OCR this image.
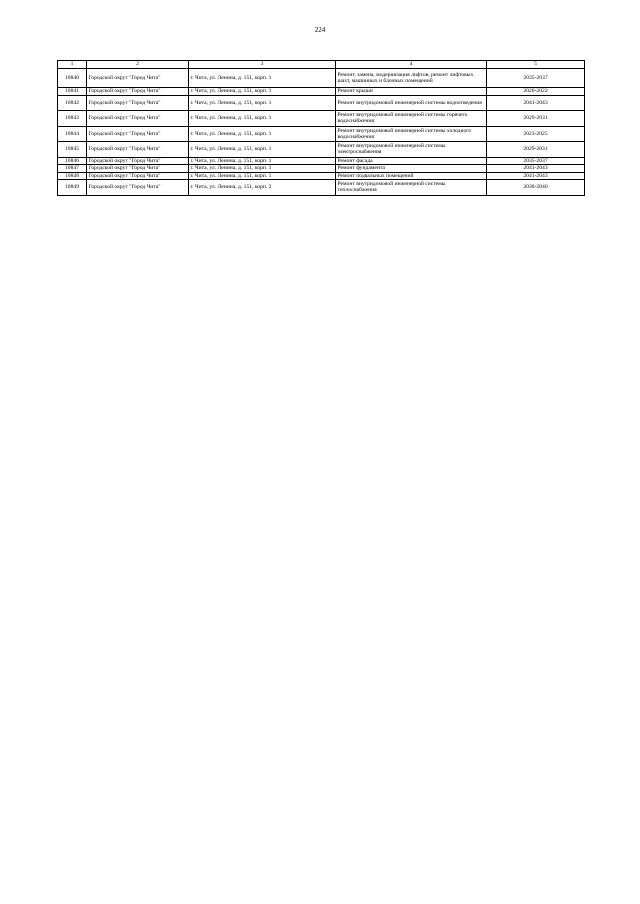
224
1	2	3	4	5
10840	Городской округ "Город Чита"	г. Чита, ул. Ленина, д. 151, корп. 1	Ремонт, замена, модернизация лифтов, ремонт лифтовых шахт, машинных и блочных помещений	2035-2037
10841	Городской округ "Город Чита"	г. Чита, ул. Ленина, д. 151, корп. 1	Ремонт крыши	2020-2022
10842	Городской округ "Город Чита"	г. Чита, ул. Ленина, д. 151, корп. 1	Ремонт внутридомовой инженерной системы водоотведения	2041-2043
10843	Городской округ "Город Чита"	г. Чита, ул. Ленина, д. 151, корп. 1	Ремонт внутридомовой инженерной системы горячего водоснабжения	2029-2031
10844	Городской округ "Город Чита"	г. Чита, ул. Ленина, д. 151, корп. 1	Ремонт внутридомовой инженерной системы холодного водоснабжения	2023-2025
10845	Городской округ "Город Чита"	г. Чита, ул. Ленина, д. 151, корп. 1	Ремонт внутридомовой инженерной системы электроснабжения	2029-2031
10846	Городской округ "Город Чита"	г. Чита, ул. Ленина, д. 151, корп. 1	Ремонт фасада	2035-2037
10847	Городской округ "Город Чита"	г. Чита, ул. Ленина, д. 151, корп. 1	Ремонт фундамента	2041-2043
10848	Городской округ "Город Чита"	г. Чита, ул. Ленина, д. 151, корп. 1	Ремонт подвальных помещений	2041-2043
10849	Городской округ "Город Чита"	г. Чита, ул. Ленина, д. 151, корп. 2	Ремонт внутридомовой инженерной системы теплоснабжения	2038-2040
